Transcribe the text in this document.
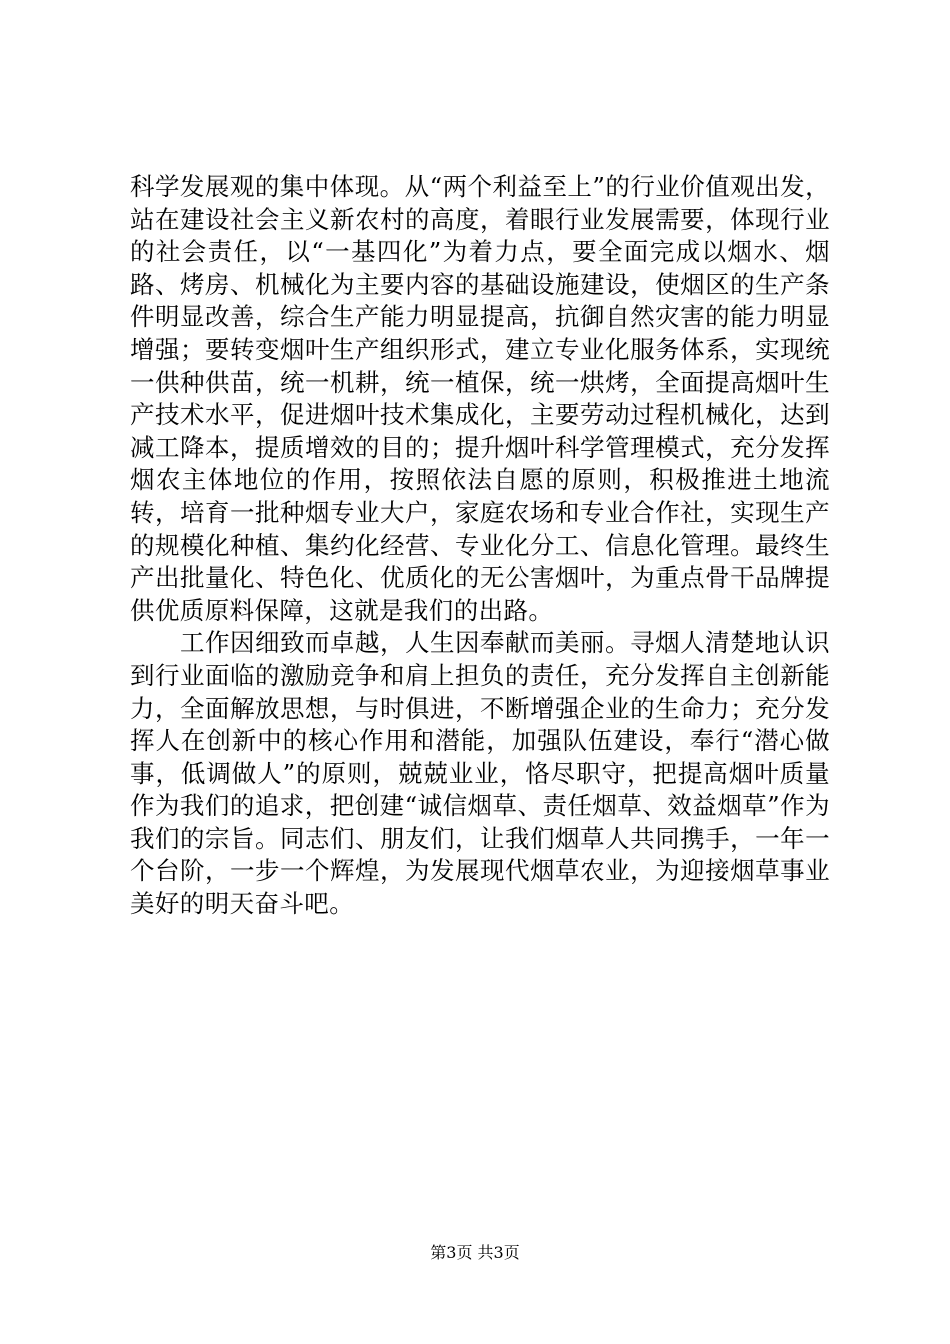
科学发展观的集中体现。从“两个利益至上”的行业价值观出发，站在建设社会主义新农村的高度，着眼行业发展需要，体现行业的社会责任，以“一基四化”为着力点，要全面完成以烟水、烟路、烤房、机械化为主要内容的基础设施建设，使烟区的生产条件明显改善，综合生产能力明显提高，抗御自然灾害的能力明显增强；要转变烟叶生产组织形式，建立专业化服务体系，实现统一供种供苗，统一机耕，统一植保，统一烘烤，全面提高烟叶生产技术水平，促进烟叶技术集成化，主要劳动过程机械化，达到减工降本，提质增效的目的；提升烟叶科学管理模式，充分发挥烟农主体地位的作用，按照依法自愿的原则，积极推进土地流转，培育一批种烟专业大户，家庭农场和专业合作社，实现生产的规模化种植、集约化经营、专业化分工、信息化管理。最终生产出批量化、特色化、优质化的无公害烟叶，为重点骨干品牌提供优质原料保障，这就是我们的出路。

工作因细致而卓越，人生因奉献而美丽。寻烟人清楚地认识到行业面临的激励竞争和肩上担负的责任，充分发挥自主创新能力，全面解放思想，与时俱进，不断增强企业的生命力；充分发挥人在创新中的核心作用和潜能，加强队伍建设，奉行“潜心做事，低调做人”的原则，兢兢业业，恪尽职守，把提高烟叶质量作为我们的追求，把创建“诚信烟草、责任烟草、效益烟草”作为我们的宗旨。同志们、朋友们，让我们烟草人共同携手，一年一个台阶，一步一个辉煌，为发展现代烟草农业，为迎接烟草事业美好的明天奋斗吧。

第3页 共3页
